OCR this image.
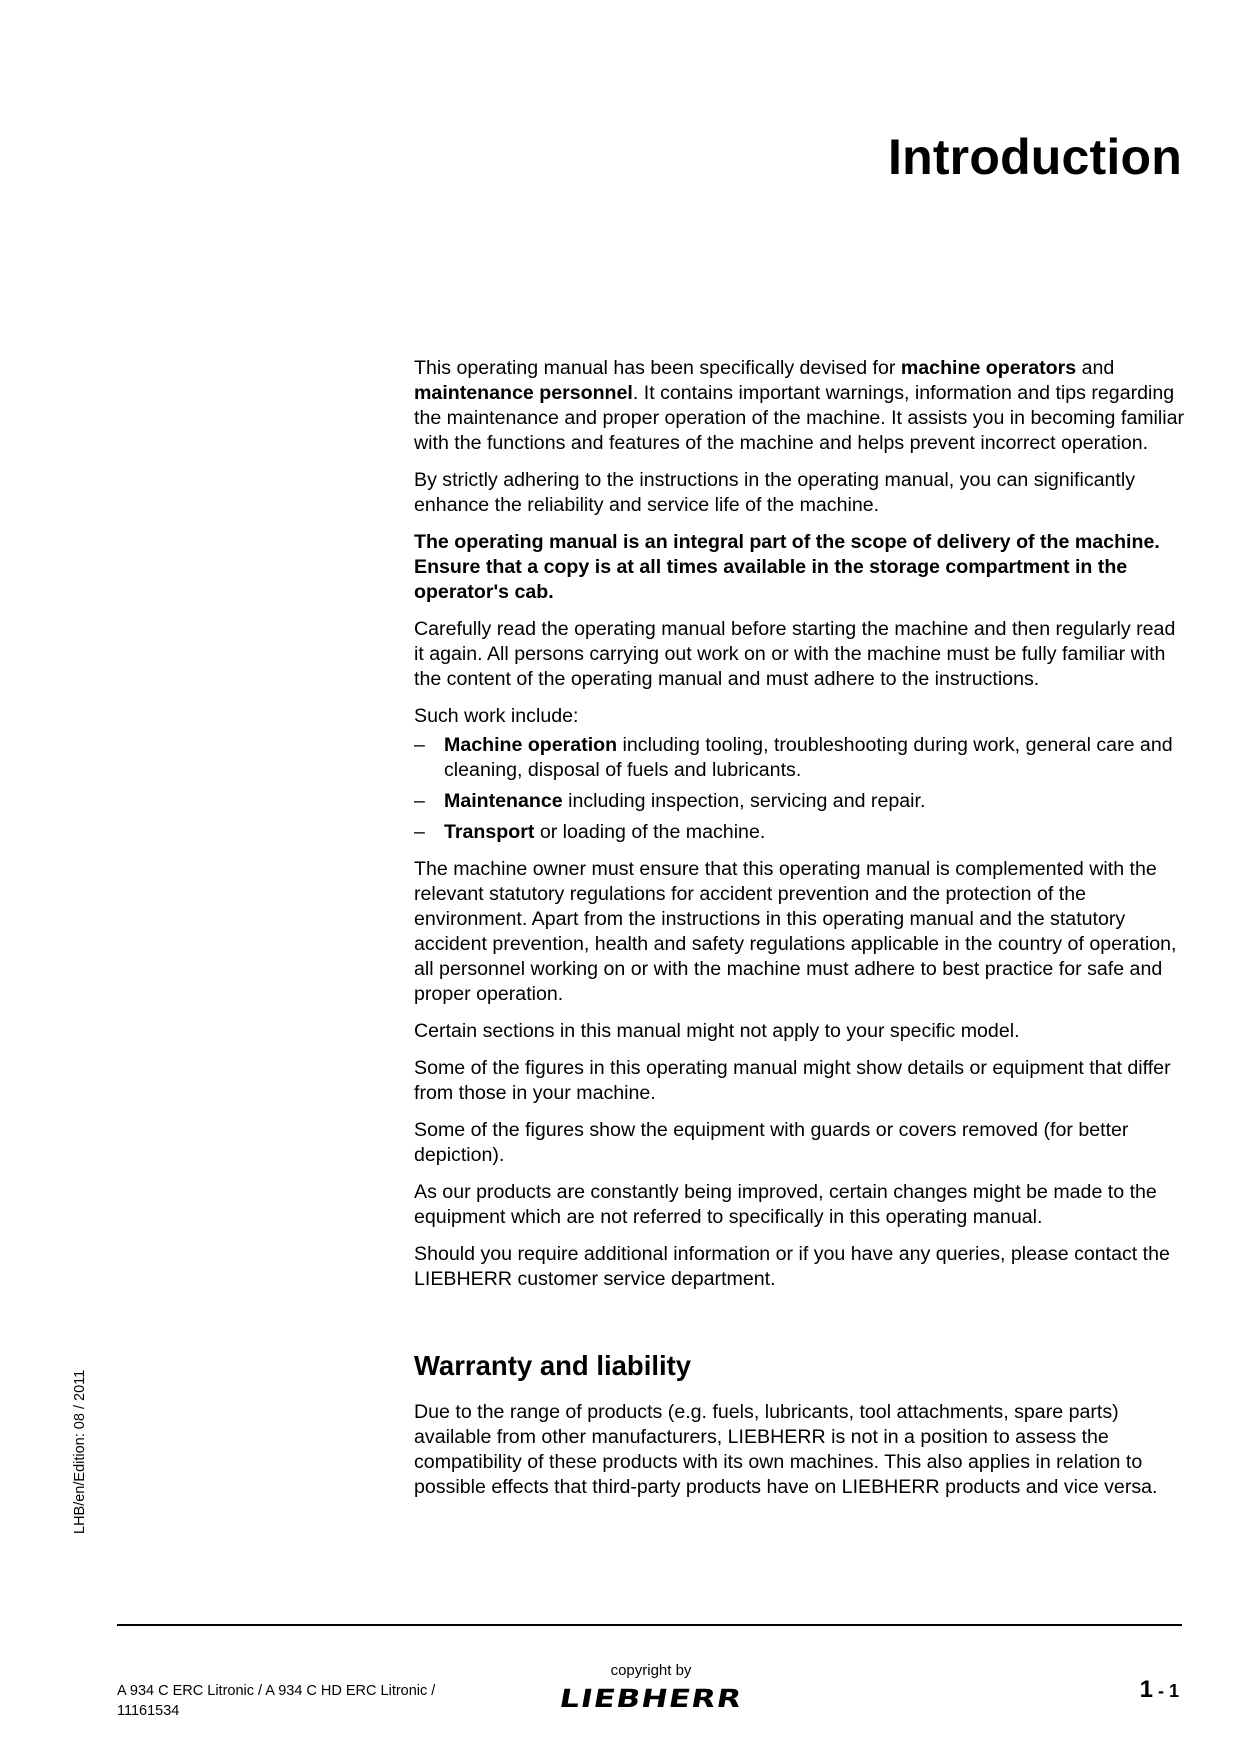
Introduction

This operating manual has been specifically devised for machine operators and maintenance personnel. It contains important warnings, information and tips regarding the maintenance and proper operation of the machine. It assists you in becoming familiar with the functions and features of the machine and helps prevent incorrect operation.

By strictly adhering to the instructions in the operating manual, you can significantly enhance the reliability and service life of the machine.

The operating manual is an integral part of the scope of delivery of the machine. Ensure that a copy is at all times available in the storage compartment in the operator's cab.

Carefully read the operating manual before starting the machine and then regularly read it again. All persons carrying out work on or with the machine must be fully familiar with the content of the operating manual and must adhere to the instructions.

Such work include:

– Machine operation including tooling, troubleshooting during work, general care and cleaning, disposal of fuels and lubricants.
– Maintenance including inspection, servicing and repair.
– Transport or loading of the machine.

The machine owner must ensure that this operating manual is complemented with the relevant statutory regulations for accident prevention and the protection of the environment. Apart from the instructions in this operating manual and the statutory accident prevention, health and safety regulations applicable in the country of operation, all personnel working on or with the machine must adhere to best practice for safe and proper operation.

Certain sections in this manual might not apply to your specific model.

Some of the figures in this operating manual might show details or equipment that differ from those in your machine.

Some of the figures show the equipment with guards or covers removed (for better depiction).

As our products are constantly being improved, certain changes might be made to the equipment which are not referred to specifically in this operating manual.

Should you require additional information or if you have any queries, please contact the LIEBHERR customer service department.

Warranty and liability

Due to the range of products (e.g. fuels, lubricants, tool attachments, spare parts) available from other manufacturers, LIEBHERR is not in a position to assess the compatibility of these products with its own machines. This also applies in relation to possible effects that third-party products have on LIEBHERR products and vice versa.

LHB/en/Edition: 08 / 2011
A 934 C ERC Litronic / A 934 C HD ERC Litronic /
11161534
copyright by
LIEBHERR	1 - 1
